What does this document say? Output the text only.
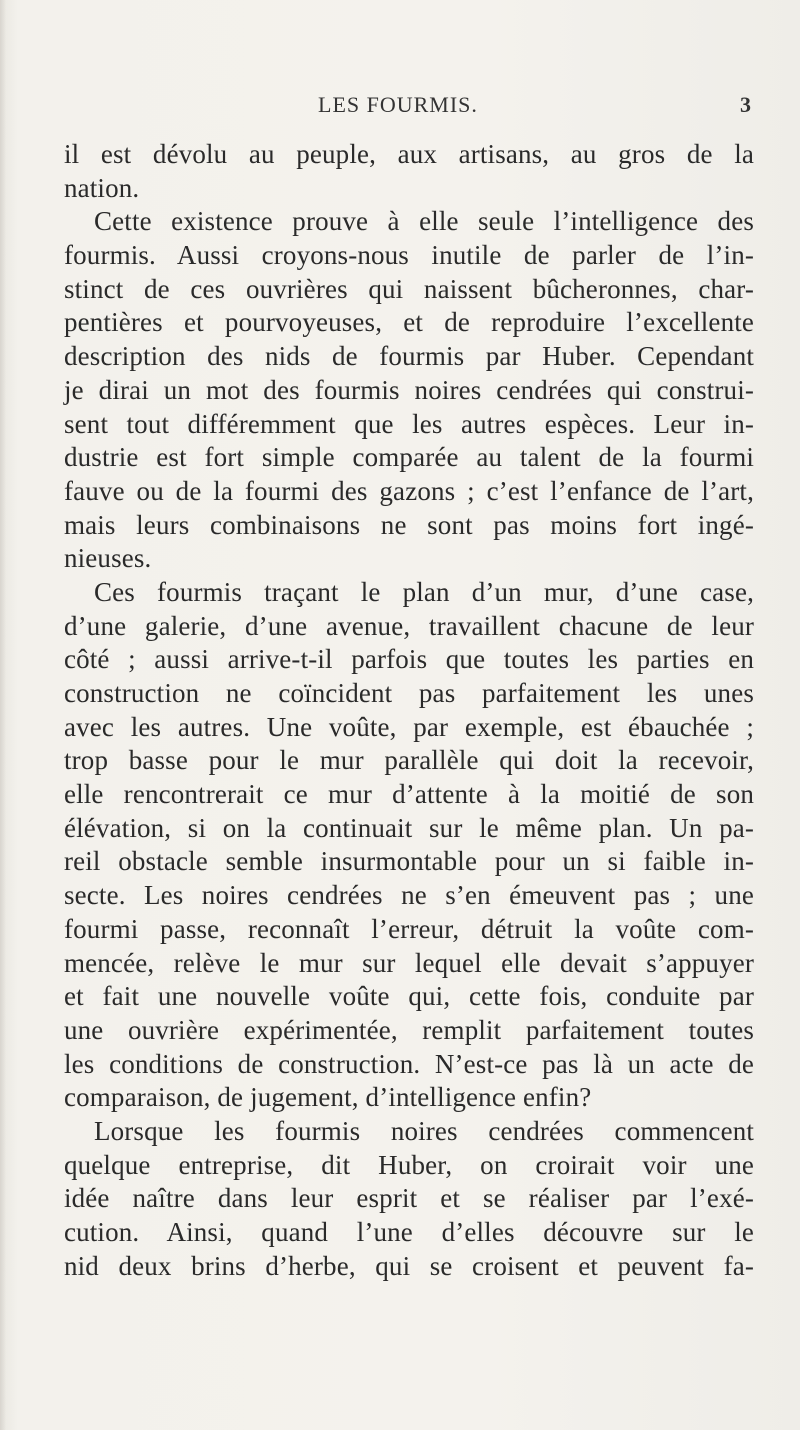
LES FOURMIS.	3
il est dévolu au peuple, aux artisans, au gros de la
nation.
Cette existence prouve à elle seule l’intelligence des
fourmis. Aussi croyons-nous inutile de parler de l’in-
stinct de ces ouvrières qui naissent bûcheronnes, char-
pentières et pourvoyeuses, et de reproduire l’excellente
description des nids de fourmis par Huber. Cependant
je dirai un mot des fourmis noires cendrées qui construi-
sent tout différemment que les autres espèces. Leur in-
dustrie est fort simple comparée au talent de la fourmi
fauve ou de la fourmi des gazons ; c’est l’enfance de l’art,
mais leurs combinaisons ne sont pas moins fort ingé-
nieuses.
Ces fourmis traçant le plan d’un mur, d’une case,
d’une galerie, d’une avenue, travaillent chacune de leur
côté ; aussi arrive-t-il parfois que toutes les parties en
construction ne coïncident pas parfaitement les unes
avec les autres. Une voûte, par exemple, est ébauchée ;
trop basse pour le mur parallèle qui doit la recevoir,
elle rencontrerait ce mur d’attente à la moitié de son
élévation, si on la continuait sur le même plan. Un pa-
reil obstacle semble insurmontable pour un si faible in-
secte. Les noires cendrées ne s’en émeuvent pas ; une
fourmi passe, reconnaît l’erreur, détruit la voûte com-
mencée, relève le mur sur lequel elle devait s’appuyer
et fait une nouvelle voûte qui, cette fois, conduite par
une ouvrière expérimentée, remplit parfaitement toutes
les conditions de construction. N’est-ce pas là un acte de
comparaison, de jugement, d’intelligence enfin?
Lorsque les fourmis noires cendrées commencent
quelque entreprise, dit Huber, on croirait voir une
idée naître dans leur esprit et se réaliser par l’exé-
cution. Ainsi, quand l’une d’elles découvre sur le
nid deux brins d’herbe, qui se croisent et peuvent fa-
